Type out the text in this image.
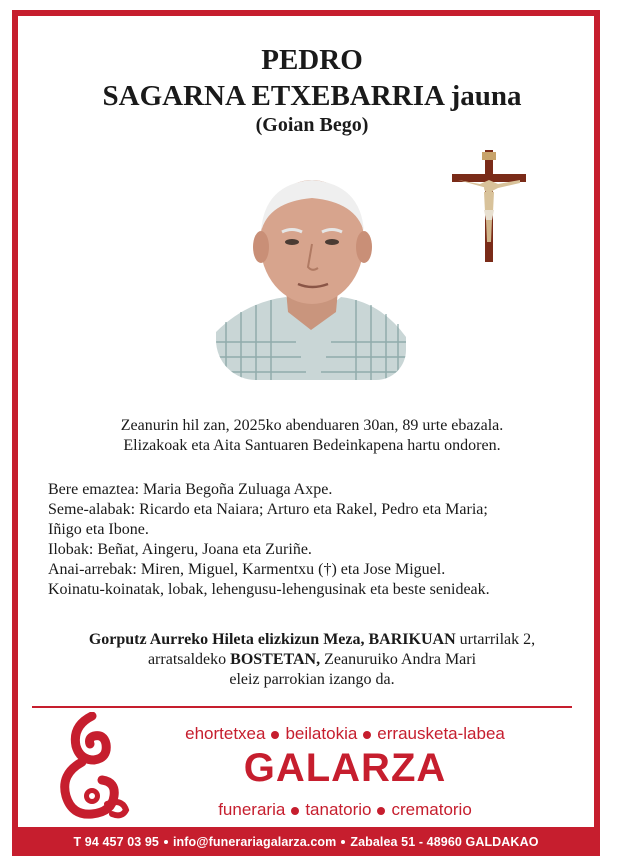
PEDRO
SAGARNA ETXEBARRIA jauna
(Goian Bego)
Zeanurin hil zan, 2025ko abenduaren 30an, 89 urte ebazala.
Elizakoak eta Aita Santuaren Bedeinkapena hartu ondoren.
Bere emaztea: Maria Begoña Zuluaga Axpe.
Seme-alabak: Ricardo eta Naiara; Arturo eta Rakel, Pedro eta Maria;
Iñigo eta Ibone.
Ilobak: Beñat, Aingeru, Joana eta Zuriñe.
Anai-arrebak: Miren, Miguel, Karmentxu (†) eta Jose Miguel.
Koinatu-koinatak, lobak, lehengusu-lehengusinak eta beste senideak.
Gorputz Aurreko Hileta elizkizun Meza, BARIKUAN urtarrilak 2,
arratsaldeko BOSTETAN, Zeanuruiko Andra Mari
eleiz parrokian izango da.
ehortetxea beilatokia errausketa-labea
GALARZA
funeraria tanatorio crematorio
T 94 457 03 95 info@funerariagalarza.com Zabalea 51 - 48960 GALDAKAO
